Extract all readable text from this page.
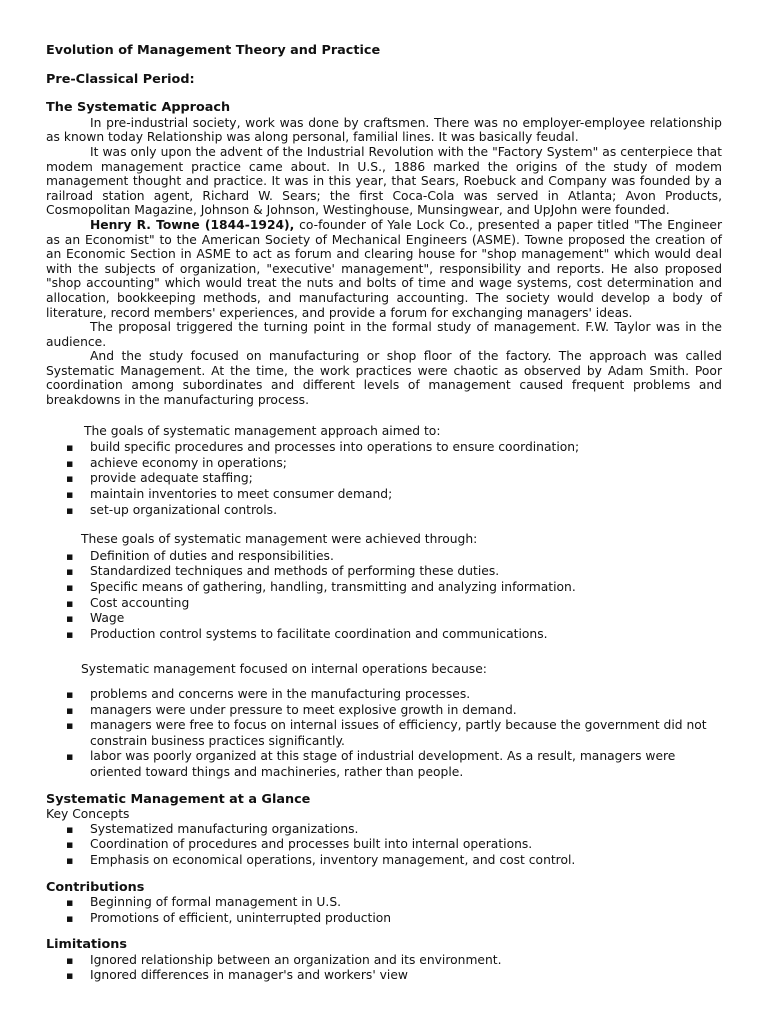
Evolution of Management Theory and Practice
Pre-Classical Period:
The Systematic Approach

In pre-industrial society, work was done by craftsmen. There was no employer-employee relationship as known today Relationship was along personal, familial lines. It was basically feudal.

It was only upon the advent of the Industrial Revolution with the "Factory System" as centerpiece that modem management practice came about. In U.S., 1886 marked the origins of the study of modem management thought and practice. It was in this year, that Sears, Roebuck and Company was founded by a railroad station agent, Richard W. Sears; the first Coca-Cola was served in Atlanta; Avon Products, Cosmopolitan Magazine, Johnson & Johnson, Westinghouse, Munsingwear, and UpJohn were founded.

Henry R. Towne (1844-1924), co-founder of Yale Lock Co., presented a paper titled "The Engineer as an Economist" to the American Society of Mechanical Engineers (ASME). Towne proposed the creation of an Economic Section in ASME to act as forum and clearing house for "shop management" which would deal with the subjects of organization, "executive' management", responsibility and reports. He also proposed "shop accounting" which would treat the nuts and bolts of time and wage systems, cost determination and allocation, bookkeeping methods, and manufacturing accounting. The society would develop a body of literature, record members' experiences, and provide a forum for exchanging managers' ideas.

The proposal triggered the turning point in the formal study of management. F.W. Taylor was in the audience.

And the study focused on manufacturing or shop floor of the factory. The approach was called Systematic Management. At the time, the work practices were chaotic as observed by Adam Smith. Poor coordination among subordinates and different levels of management caused frequent problems and breakdowns in the manufacturing process.

The goals of systematic management approach aimed to:
▪ build specific procedures and processes into operations to ensure coordination;
▪ achieve economy in operations;
▪ provide adequate staffing;
▪ maintain inventories to meet consumer demand;
▪ set-up organizational controls.
These goals of systematic management were achieved through:
▪ Definition of duties and responsibilities.
▪ Standardized techniques and methods of performing these duties.
▪ Specific means of gathering, handling, transmitting and analyzing information.
▪ Cost accounting
▪ Wage
▪ Production control systems to facilitate coordination and communications.
Systematic management focused on internal operations because:
▪ problems and concerns were in the manufacturing processes.
▪ managers were under pressure to meet explosive growth in demand.
▪ managers were free to focus on internal issues of efficiency, partly because the government did not constrain business practices significantly.
▪ labor was poorly organized at this stage of industrial development. As a result, managers were oriented toward things and machineries, rather than people.
Systematic Management at a Glance
Key Concepts
▪ Systematized manufacturing organizations.
▪ Coordination of procedures and processes built into internal operations.
▪ Emphasis on economical operations, inventory management, and cost control.
Contributions
▪ Beginning of formal management in U.S.
▪ Promotions of efficient, uninterrupted production
Limitations
▪ Ignored relationship between an organization and its environment.
▪ Ignored differences in manager's and workers' view
